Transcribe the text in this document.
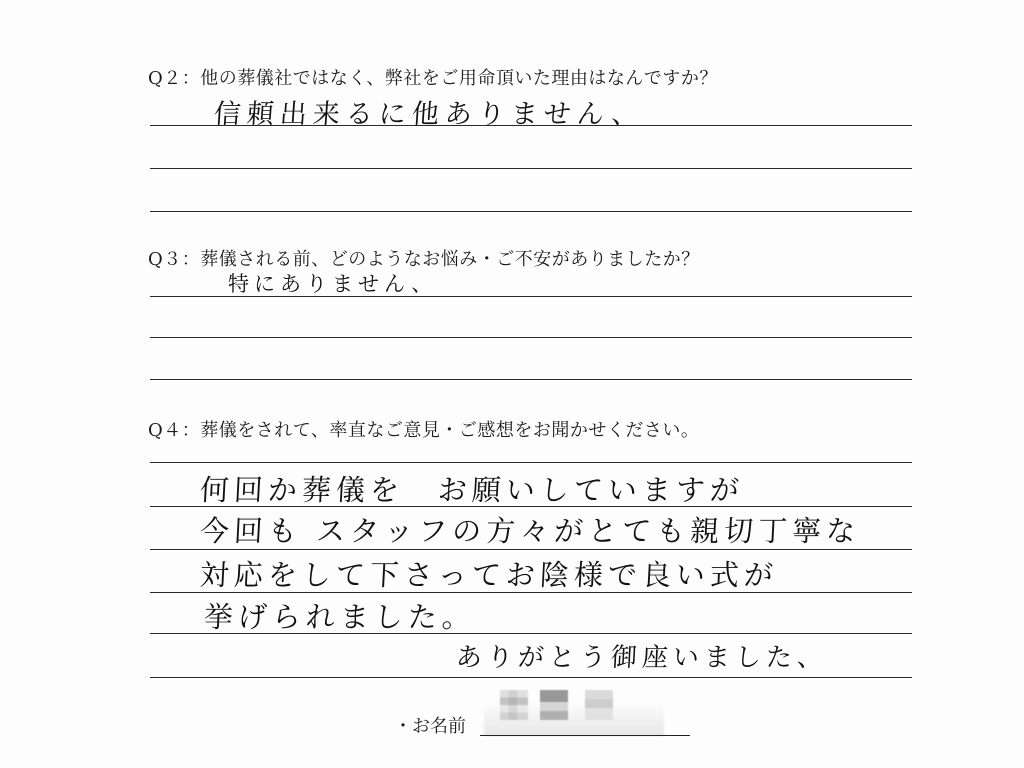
Q２：他の葬儀社ではなく、弊社をご用命頂いた理由はなんですか？
信頼出来るに他ありません、
Q３：葬儀される前、どのようなお悩み・ご不安がありましたか？
特にありません、
Q４：葬儀をされて、率直なご意見・ご感想をお聞かせください。
何回か葬儀を　お願いしていますが
今回も スタッフの方々がとても親切丁寧な
対応をして下さってお陰様で良い式が
挙げられました。
ありがとう御座いました、
・お名前
